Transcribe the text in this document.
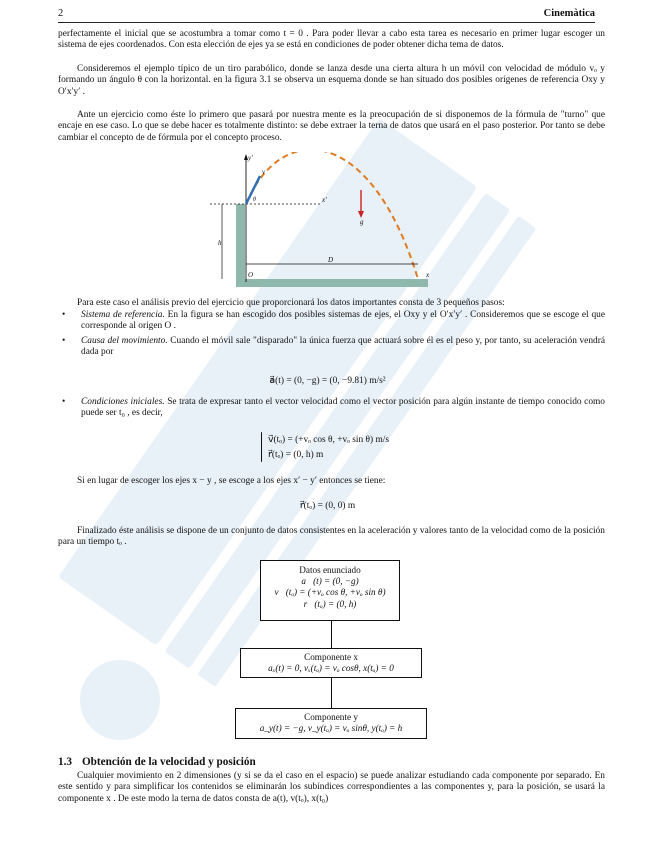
2	Cinemàtica

perfectamente el inicial que se acostumbra a tomar como t = 0 . Para poder llevar a cabo esta tarea es necesario en primer lugar escoger un sistema de ejes coordenados. Con esta elección de ejes ya se está en condiciones de poder obtener dicha tema de datos.

Consideremos el ejemplo típico de un tiro parabólico, donde se lanza desde una cierta altura h un móvil con velocidad de módulo vₒ y formando un ángulo θ con la horizontal. en la figura 3.1 se observa un esquema donde se han situado dos posibles orígenes de referencia Oxy y O′x′y′ .

Ante un ejercicio como éste lo primero que pasará por nuestra mente es la preocupación de si disponemos de la fórmula de "turno" que encaje en ese caso. Lo que se debe hacer es totalmente distinto: se debe extraer la terna de datos que usará en el paso posterior. Por tanto se debe cambiar el concepto de de fórmula por el concepto proceso.

y′
v
θ	x′
g
h
D
O	x

Para este caso el análisis previo del ejercicio que proporcionará los datos importantes consta de 3 pequeños pasos:

• Sistema de referencia. En la figura se han escogido dos posibles sistemas de ejes, el Oxy y el O′x′y′ . Consideremos que se escoge el que corresponde al origen O .
• Causa del movimiento. Cuando el móvil sale "disparado" la única fuerza que actuará sobre él es el peso y, por tanto, su aceleración vendrá dada por
a⃗(t) = (0, −g) = (0, −9.81) m/s²
• Condiciones iniciales. Se trata de expresar tanto el vector velocidad como el vector posición para algún instante de tiempo conocido como puede ser t₀ , es decir,
v⃗(tₒ) = (+vₒ cos θ, +vₒ sin θ) m/s
r⃗(tₒ) = (0, h) m

Si en lugar de escoger los ejes x − y , se escoge a los ejes x′ − y′ entonces se tiene:

r⃗(tₒ) = (0, 0) m

Finalizado éste análisis se dispone de un conjunto de datos consistentes en la aceleración y valores tanto de la velocidad como de la posición para un tiempo tₒ .

Datos enunciado
a⃗(t) = (0, −g)
v⃗(tₒ) = (+vₒ cos θ, +vₒ sin θ)
r⃗(tₒ) = (0, h)
Componente x
aₓ(t) = 0, vₓ(tₒ) = vₒ cosθ, x(tₒ) = 0
Componente y
a_y(t) = −g, v_y(tₒ) = vₒ sinθ, y(tₒ) = h
1.3 Obtención de la velocidad y posición

Cualquier movimiento en 2 dimensiones (y si se da el caso en el espacio) se puede analizar estudiando cada componente por separado. En este sentido y para simplificar los contenidos se eliminarán los subíndices correspondientes a las componentes y, para la posición, se usará la componente x . De este modo la terna de datos consta de a(t), v(tₒ), x(t₀)
